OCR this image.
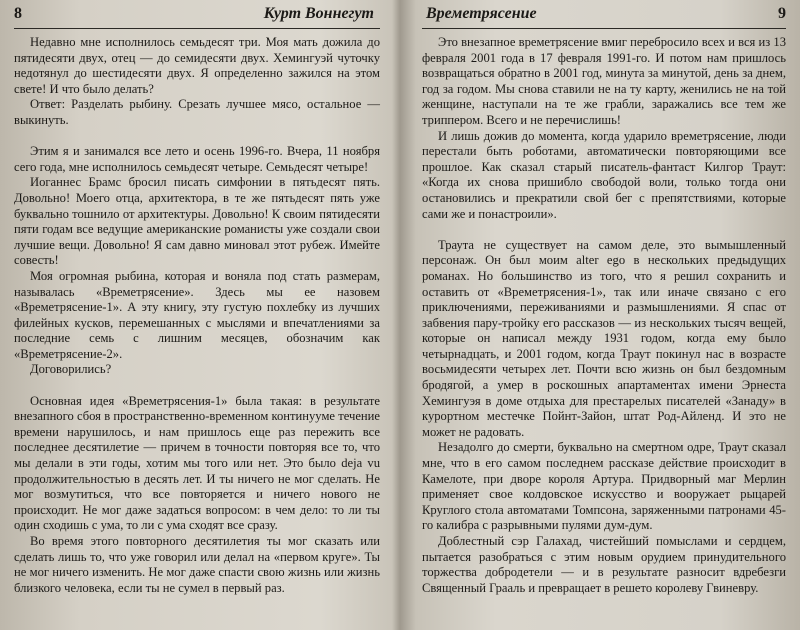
8	Курт Воннегут

Недавно мне исполнилось семьдесят три. Моя мать дожила до пятидесяти двух, отец — до семидесяти двух. Хемингуэй чуточку недотянул до шестидесяти двух. Я определенно зажился на этом свете! И что было делать?

Ответ: Разделать рыбину. Срезать лучшее мясо, остальное — выкинуть.

Этим я и занимался все лето и осень 1996-го. Вчера, 11 ноября сего года, мне исполнилось семьдесят четыре. Семьдесят четыре!

Иоганнес Брамс бросил писать симфонии в пятьдесят пять. Довольно! Моего отца, архитектора, в те же пятьдесят пять уже буквально тошнило от архитектуры. Довольно! К своим пятидесяти пяти годам все ведущие американские романисты уже создали свои лучшие вещи. Довольно! Я сам давно миновал этот рубеж. Имейте совесть!

Моя огромная рыбина, которая и воняла под стать размерам, называлась «Времетрясение». Здесь мы ее назовем «Времетрясение-1». А эту книгу, эту густую похлебку из лучших филейных кусков, перемешанных с мыслями и впечатлениями за последние семь с лишним месяцев, обозначим как «Времетрясение-2».

Договорились?

Основная идея «Времетрясения-1» была такая: в результате внезапного сбоя в пространственно-временном континууме течение времени нарушилось, и нам пришлось еще раз пережить все последнее десятилетие — причем в точности повторяя все то, что мы делали в эти годы, хотим мы того или нет. Это было deja vu продолжительностью в десять лет. И ты ничего не мог сделать. Не мог возмутиться, что все повторяется и ничего нового не происходит. Не мог даже задаться вопросом: в чем дело: то ли ты один сходишь с ума, то ли с ума сходят все сразу.

Во время этого повторного десятилетия ты мог сказать или сделать лишь то, что уже говорил или делал на «первом круге». Ты не мог ничего изменить. Не мог даже спасти свою жизнь или жизнь близкого человека, если ты не сумел в первый раз.

Времетрясение	9

Это внезапное времетрясение вмиг перебросило всех и вся из 13 февраля 2001 года в 17 февраля 1991-го. И потом нам пришлось возвращаться обратно в 2001 год, минута за минутой, день за днем, год за годом. Мы снова ставили не на ту карту, женились не на той женщине, наступали на те же грабли, заражались все тем же триппером. Всего и не перечислишь!

И лишь дожив до момента, когда ударило времетрясение, люди перестали быть роботами, автоматически повторяющими все прошлое. Как сказал старый писатель-фантаст Килгор Траут: «Когда их снова пришибло свободой воли, только тогда они остановились и прекратили свой бег с препятствиями, которые сами же и понастроили».

Траута не существует на самом деле, это вымышленный персонаж. Он был моим alter ego в нескольких предыдущих романах. Но большинство из того, что я решил сохранить и оставить от «Времетрясения-1», так или иначе связано с его приключениями, переживаниями и размышлениями. Я спас от забвения пару-тройку его рассказов — из нескольких тысяч вещей, которые он написал между 1931 годом, когда ему было четырнадцать, и 2001 годом, когда Траут покинул нас в возрасте восьмидесяти четырех лет. Почти всю жизнь он был бездомным бродягой, а умер в роскошных апартаментах имени Эрнеста Хемингуэя в доме отдыха для престарелых писателей «Занаду» в курортном местечке Пойнт-Зайон, штат Род-Айленд. И это не может не радовать.

Незадолго до смерти, буквально на смертном одре, Траут сказал мне, что в его самом последнем рассказе действие происходит в Камелоте, при дворе короля Артура. Придворный маг Мерлин применяет свое колдовское искусство и вооружает рыцарей Круглого стола автоматами Томпсона, заряженными патронами 45-го калибра с разрывными пулями дум-дум.

Доблестный сэр Галахад, чистейший помыслами и сердцем, пытается разобраться с этим новым орудием принудительного торжества добродетели — и в результате разносит вдребезги Священный Грааль и превращает в решето королеву Гвиневру.
